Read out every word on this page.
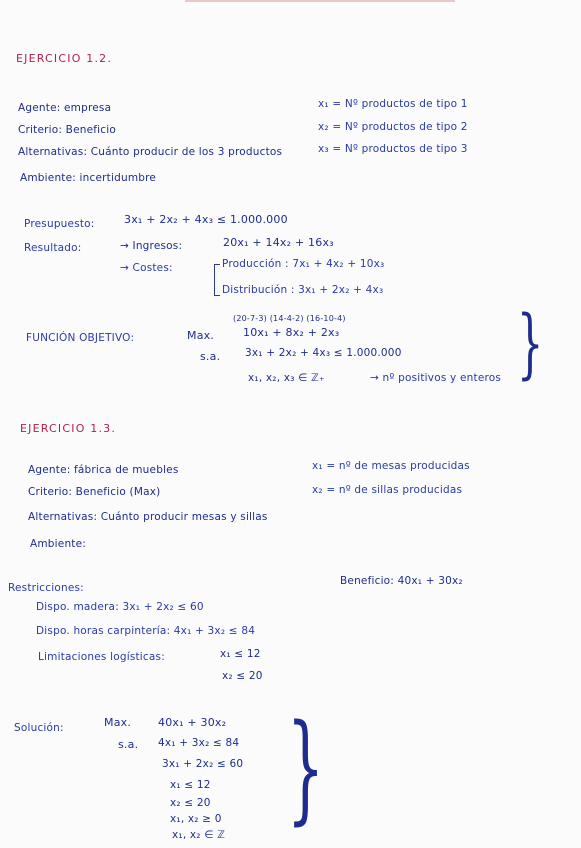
EJERCICIO 1.2.
Agente: empresa
Criterio: Beneficio
Alternativas: Cuánto producir de los 3 productos
Ambiente: incertidumbre
x₁ = Nº productos de tipo 1
x₂ = Nº productos de tipo 2
x₃ = Nº productos de tipo 3
Presupuesto:	3x₁ + 2x₂ + 4x₃ ≤ 1.000.000
Resultado:	→ Ingresos:	20x₁ + 14x₂ + 16x₃
→ Costes:	Producción : 7x₁ + 4x₂ + 10x₃
Distribución : 3x₁ + 2x₂ + 4x₃
FUNCIÓN OBJETIVO:
(20-7-3) (14-4-2) (16-10-4)
Max.	10x₁ + 8x₂ + 2x₃
s.a. 3x₁ + 2x₂ + 4x₃ ≤ 1.000.000
x₁, x₂, x₃ ∈ ℤ₊	→ nº positivos y enteros }
EJERCICIO 1.3.
Agente: fábrica de muebles
Criterio: Beneficio (Max)
Alternativas: Cuánto producir mesas y sillas
Ambiente:
x₁ = nº de mesas producidas
x₂ = nº de sillas producidas
Restricciones:
Beneficio: 40x₁ + 30x₂
Dispo. madera: 3x₁ + 2x₂ ≤ 60
Dispo. horas carpintería: 4x₁ + 3x₂ ≤ 84
Limitaciones logísticas:	x₁ ≤ 12
x₂ ≤ 20
Solución:	Max. 40x₁ + 30x₂
s.a. 4x₁ + 3x₂ ≤ 84
3x₁ + 2x₂ ≤ 60
x₁ ≤ 12
x₂ ≤ 20
x₁, x₂ ≥ 0
x₁, x₂ ∈ ℤ }
